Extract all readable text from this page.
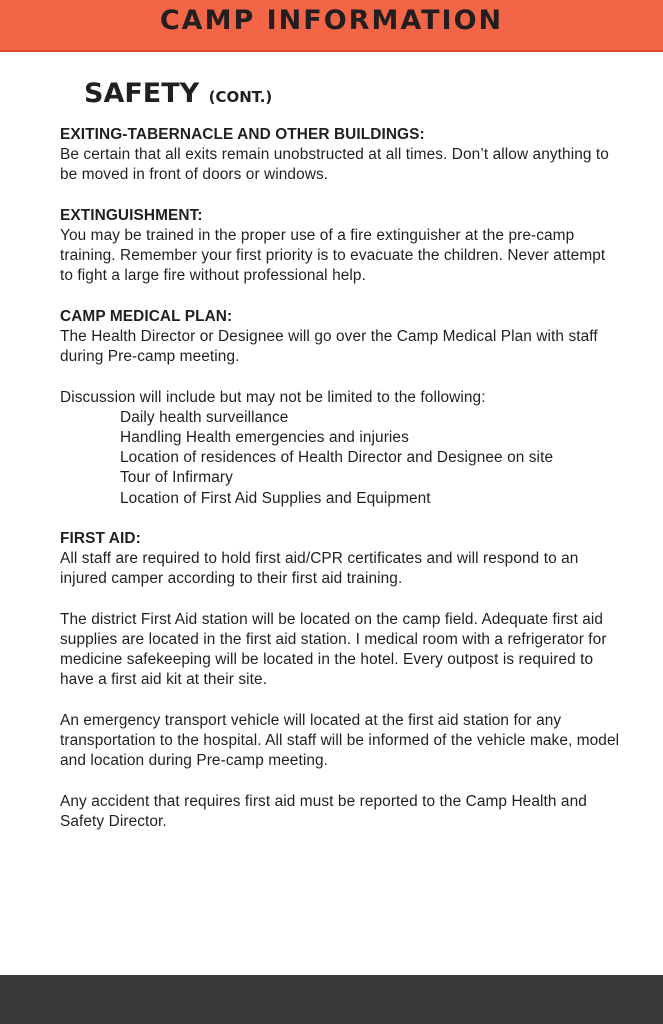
CAMP INFORMATION
SAFETY (CONT.)

EXITING-TABERNACLE AND OTHER BUILDINGS:
Be certain that all exits remain unobstructed at all times. Don’t allow anything to be moved in front of doors or windows.

EXTINGUISHMENT:
You may be trained in the proper use of a fire extinguisher at the pre-camp training. Remember your first priority is to evacuate the children. Never attempt to fight a large fire without professional help.

CAMP MEDICAL PLAN:
The Health Director or Designee will go over the Camp Medical Plan with staff during Pre-camp meeting.

Discussion will include but may not be limited to the following:
Daily health surveillance
Handling Health emergencies and injuries
Location of residences of Health Director and Designee on site
Tour of Infirmary
Location of First Aid Supplies and Equipment

FIRST AID:
All staff are required to hold first aid/CPR certificates and will respond to an injured camper according to their first aid training.

The district First Aid station will be located on the camp field. Adequate first aid supplies are located in the first aid station. I medical room with a refrigerator for medicine safekeeping will be located in the hotel. Every outpost is required to have a first aid kit at their site.

An emergency transport vehicle will located at the first aid station for any transportation to the hospital. All staff will be informed of the vehicle make, model and location during Pre-camp meeting.

Any accident that requires first aid must be reported to the Camp Health and Safety Director.
